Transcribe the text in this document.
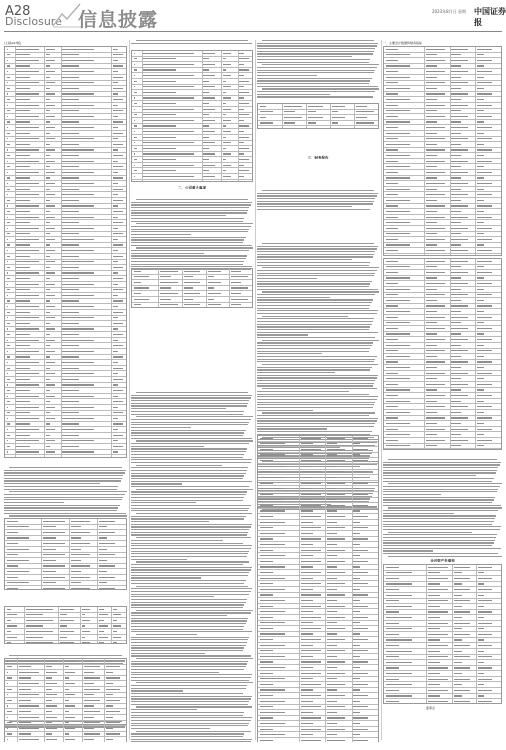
A28
Disclosure 信息披露	2023年8月日 星期 中国证券报
(上接A27版)
二、公司重大事项
三、财务报告
一、主要会计数据和财务指标
合并资产负债表
董事会
